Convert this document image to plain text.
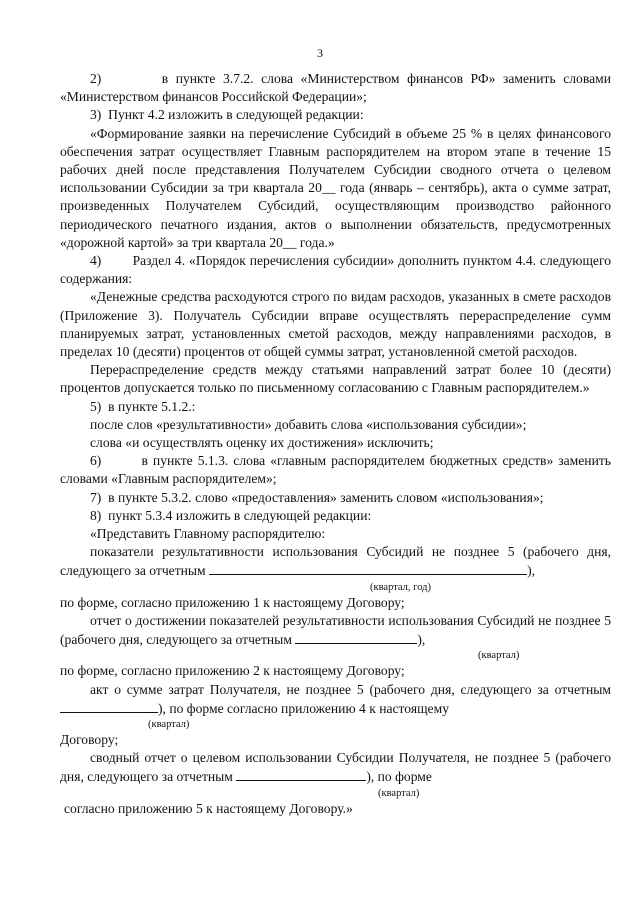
3

2)        в пункте 3.7.2. слова «Министерством финансов РФ» заменить словами «Министерством финансов Российской Федерации»;

3)  Пункт 4.2 изложить в следующей редакции:

«Формирование заявки на перечисление Субсидий в объеме 25 % в целях финансового обеспечения затрат осуществляет Главным распорядителем на втором этапе в течение 15 рабочих дней после представления Получателем Субсидии сводного отчета о целевом использовании Субсидии за три квартала 20__ года (январь – сентябрь), акта о сумме затрат, произведенных Получателем Субсидий, осуществляющим производство районного периодического печатного издания, актов о выполнении обязательств, предусмотренных «дорожной картой» за три квартала 20__ года.»

4)        Раздел 4. «Порядок перечисления субсидии» дополнить пунктом 4.4. следующего содержания:

«Денежные средства расходуются строго по видам расходов, указанных в смете расходов (Приложение 3). Получатель Субсидии вправе осуществлять перераспределение сумм планируемых затрат, установленных сметой расходов, между направлениями расходов, в пределах 10 (десяти) процентов от общей суммы затрат, установленной сметой расходов.

Перераспределение средств между статьями направлений затрат более 10 (десяти) процентов допускается только по письменному согласованию с Главным распорядителем.»

5)  в пункте 5.1.2.:

после слов «результативности» добавить слова «использования субсидии»;

слова «и осуществлять оценку их достижения» исключить;

6)        в пункте 5.1.3. слова «главным распорядителем бюджетных средств» заменить словами «Главным распорядителем»;

7)  в пункте 5.3.2. слово «предоставления» заменить словом «использования»;

8)  пункт 5.3.4 изложить в следующей редакции:

«Представить Главному распорядителю:

показатели результативности использования Субсидий не позднее 5 (рабочего дня, следующего за отчетным	),

(квартал, год)

по форме, согласно приложению 1 к настоящему Договору;

отчет о достижении показателей результативности использования Субсидий не позднее 5 (рабочего дня, следующего за отчетным	),

(квартал)

по форме, согласно приложению 2 к настоящему Договору;

акт о сумме затрат Получателя, не позднее 5 (рабочего дня, следующего за отчетным ), по форме согласно приложению 4 к настоящему

(квартал)

Договору;

сводный отчет о целевом использовании Субсидии Получателя, не позднее 5 (рабочего дня, следующего за отчетным	), по форме

(квартал)

согласно приложению 5 к настоящему Договору.»
